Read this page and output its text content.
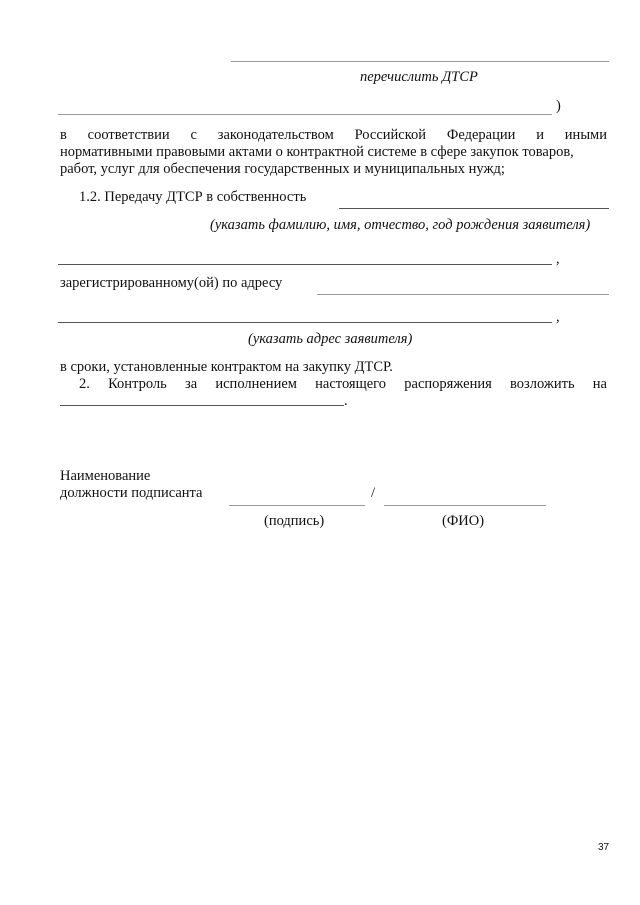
перечислить ДТСР
)
в соответствии с законодательством Российской Федерации и иными
нормативными правовыми актами о контрактной системе в сфере закупок товаров,
работ, услуг для обеспечения государственных и муниципальных нужд;
1.2. Передачу ДТСР в собственность
(указать фамилию, имя, отчество, год рождения заявителя)
,
зарегистрированному(ой) по адресу
,
(указать адрес заявителя)
в сроки, установленные контрактом на закупку ДТСР.
2. Контроль за исполнением настоящего распоряжения возложить на
.
Наименование
должности подписанта	/
(подпись)	(ФИО)
37
